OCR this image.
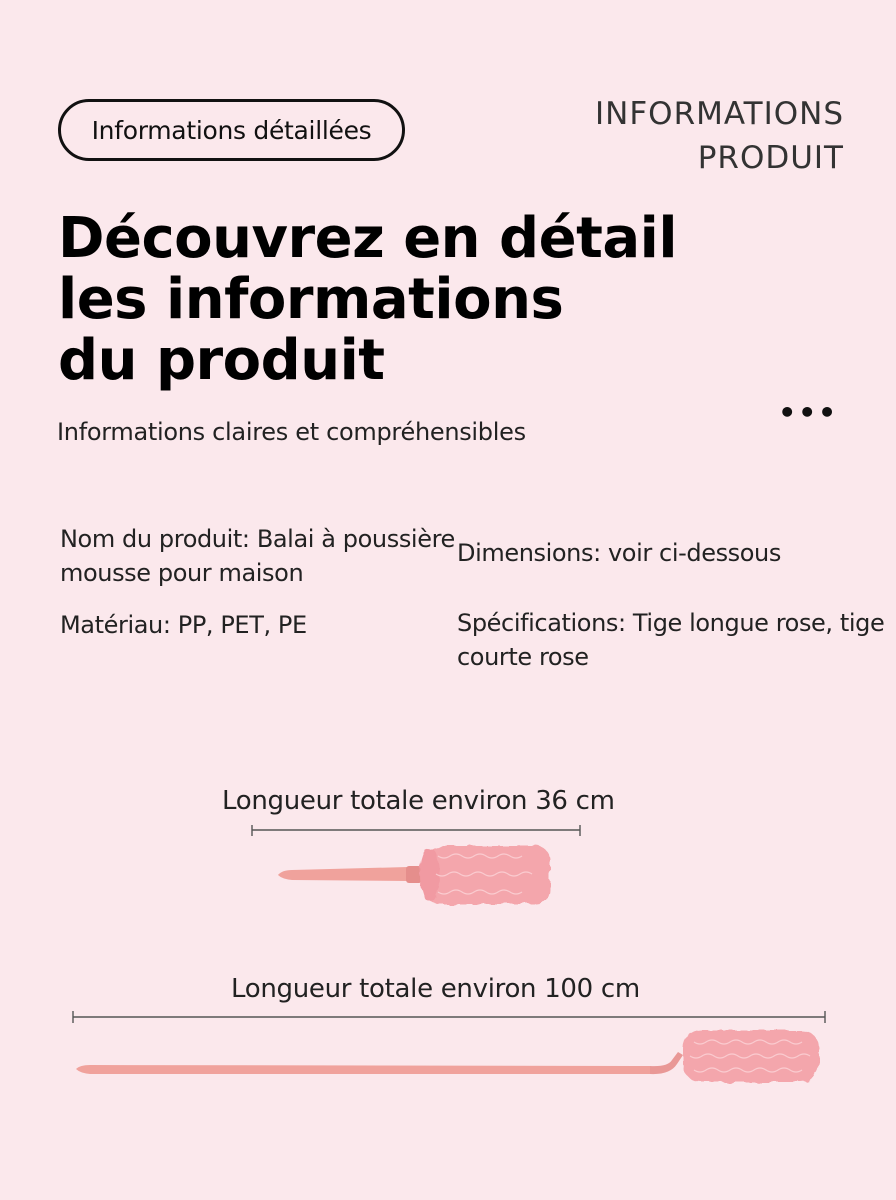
Informations détaillées	INFORMATIONS
PRODUIT
Découvrez en détail
les informations
du produit
•••
Informations claires et compréhensibles
Nom du produit: Balai à poussière mousse pour maison
Dimensions: voir ci-dessous
Matériau: PP, PET, PE	Spécifications: Tige longue rose, tige courte rose
Longueur totale environ 36 cm
Longueur totale environ 100 cm
